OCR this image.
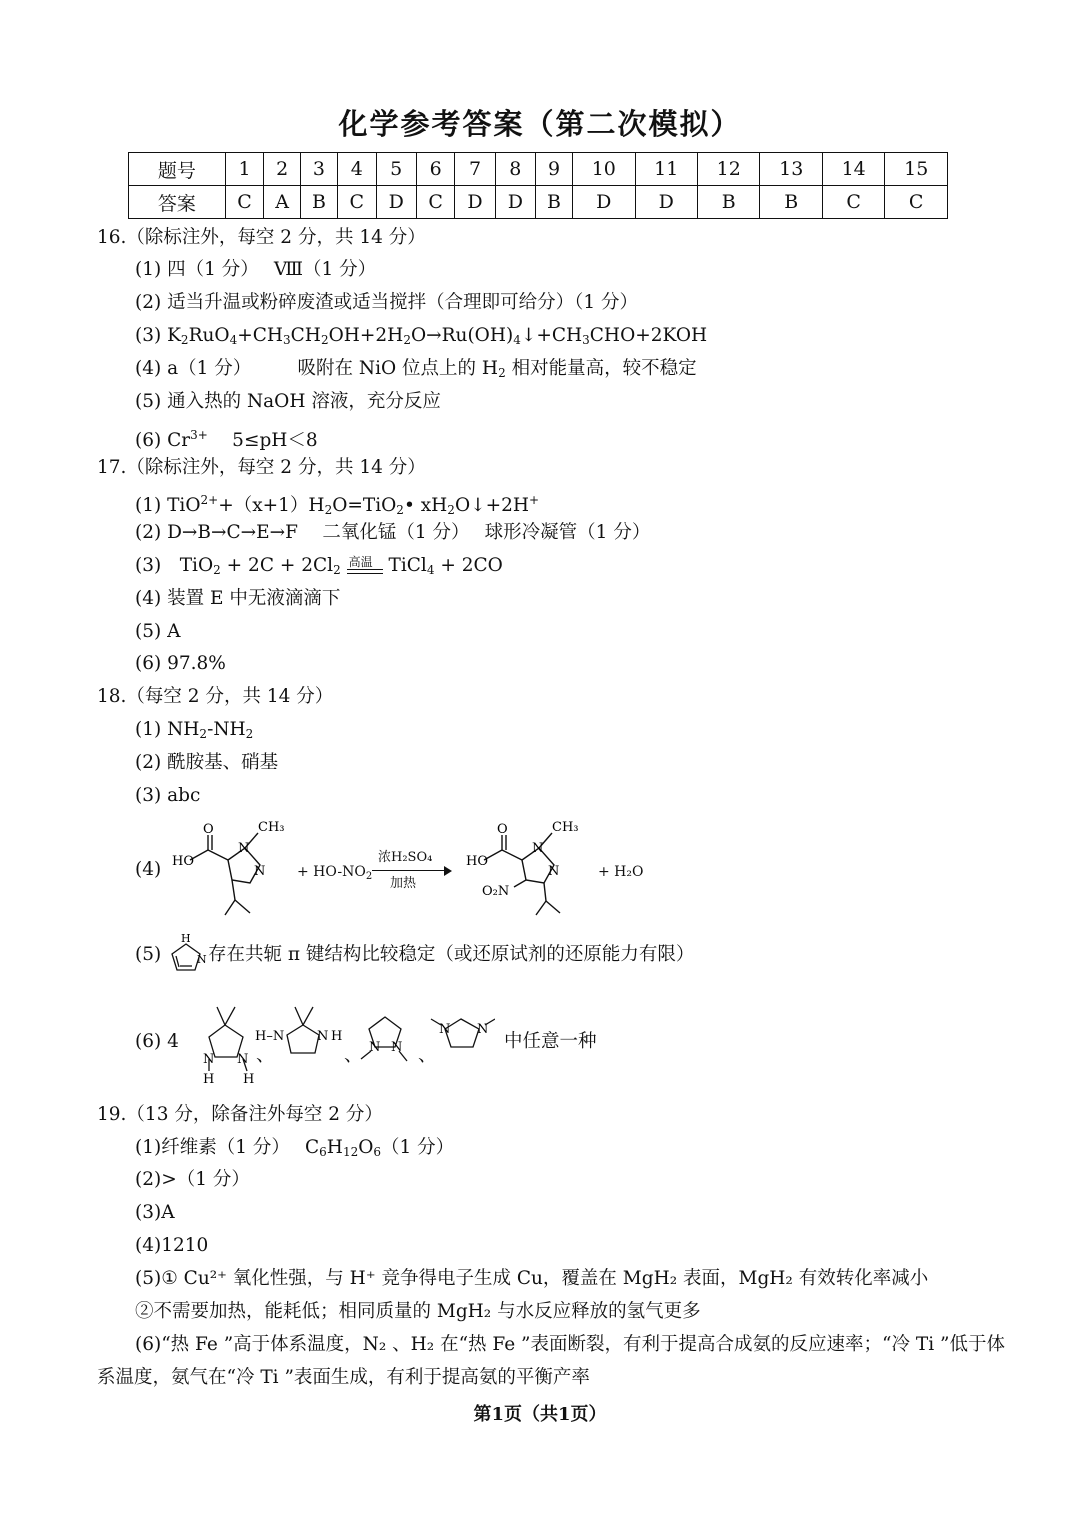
化学参考答案（第二次模拟）
题号	1	2	3	4	5	6	7	8	9	10	11	12	13	14	15
答案	C	A	B	C	D	C	D	D	B	D	D	B	B	C	C
16.（除标注外，每空 2 分，共 14 分）
(1) 四（1 分）　 Ⅷ（1 分）
(2) 适当升温或粉碎废渣或适当搅拌（合理即可给分）（1 分）
(3) $K_2RuO_4+CH_3CH_2OH+2H_2O\to Ru(OH)_4↓+CH_3CHO+2KOH$
(4) a（1 分）　　　吸附在 NiO 位点上的 $H_2$ 相对能量高，较不稳定
(5) 通入热的 NaOH 溶液，充分反应
(6) $Cr^{3+}$　 5≤pH＜8
17.（除标注外，每空 2 分，共 14 分）
(1) $TiO^{2+}+(x+1)H_2O=TiO_2•$ $xH_2O↓+2H^+$
(2) D→B→C→E→F　 二氧化锰（1 分）　 球形冷凝管（1 分）
(3)　$TiO_2 + 2C + 2Cl_2$
高温 TiCl$_4$ + 2CO
(4) 装置 E 中无液滴滴下
(5) A
(6) 97.8%
18.（每空 2 分，共 14 分）
(1) $NH_2-NH_2$
(2) 酰胺基、硝基
(3) abc
(4)
O
HO
N
N
CH₃
+ $HO-NO_2$
浓H₂SO₄
加热
O
HO
N
N
CH₃
O₂N
+ H₂O
(5)
H
N 存在共轭 π 键结构比较稳定（或还原试剂的还原能力有限）
(6) 4
N N
H H
H–N	N H
N N
N N
、	、	、
中任意一种
19.（13 分，除备注外每空 2 分）
(1)纤维素（1 分）　 $C_6H_{12}O_6(1$ 分）
(2)>（1 分）
(3)A
(4)1210
(5)① Cu²⁺ 氧化性强，与 H⁺ 竞争得电子生成 Cu，覆盖在 MgH₂ 表面，MgH₂ 有效转化率减小
②不需要加热，能耗低；相同质量的 MgH₂ 与水反应释放的氢气更多
(6)“热 Fe ”高于体系温度，N₂ 、H₂ 在“热 Fe ”表面断裂，有利于提高合成氨的反应速率；“冷 Ti ”低于体
系温度，氨气在“冷 Ti ”表面生成，有利于提高氨的平衡产率
第1页（共1页）
